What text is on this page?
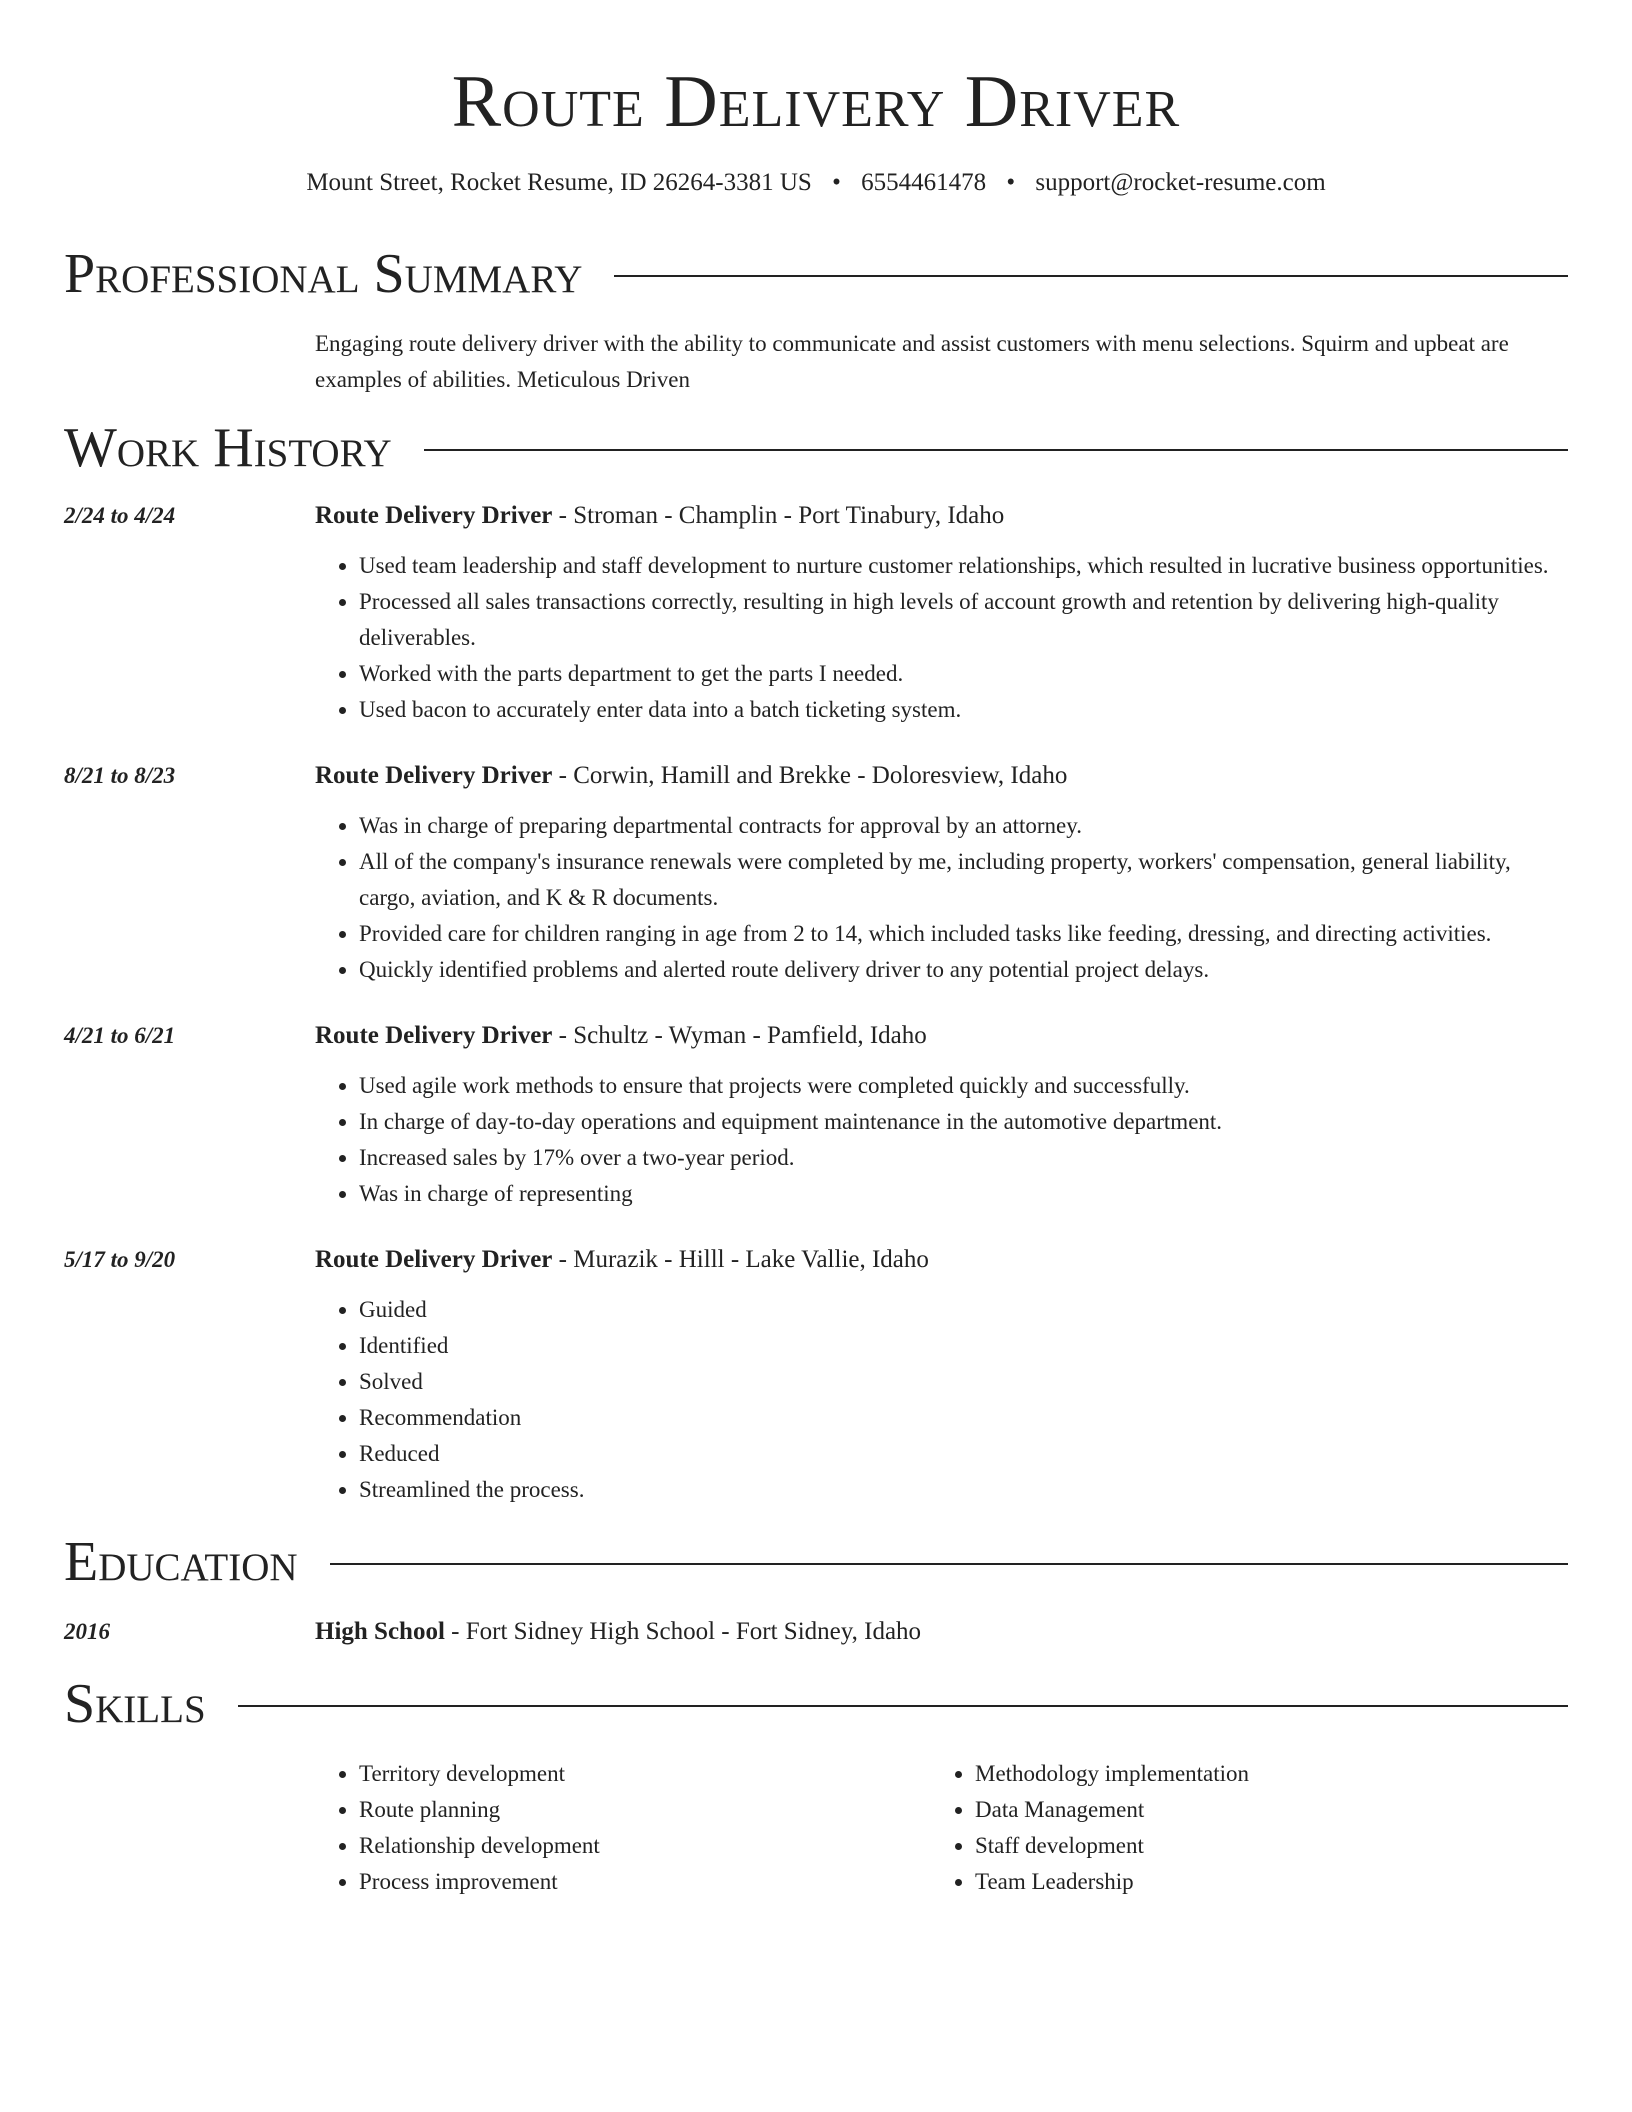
Route Delivery Driver
Mount Street, Rocket Resume, ID 26264-3381 US • 6554461478 • support@rocket-resume.com
Professional Summary
Engaging route delivery driver with the ability to communicate and assist customers with menu selections. Squirm and upbeat are examples of abilities. Meticulous Driven
Work History
2/24 to 4/24	Route Delivery Driver - Stroman - Champlin - Port Tinabury, Idaho
• Used team leadership and staff development to nurture customer relationships, which resulted in lucrative business opportunities.
• Processed all sales transactions correctly, resulting in high levels of account growth and retention by delivering high-quality deliverables.
• Worked with the parts department to get the parts I needed.
• Used bacon to accurately enter data into a batch ticketing system.
8/21 to 8/23	Route Delivery Driver - Corwin, Hamill and Brekke - Doloresview, Idaho
• Was in charge of preparing departmental contracts for approval by an attorney.
• All of the company's insurance renewals were completed by me, including property, workers' compensation, general liability, cargo, aviation, and K & R documents.
• Provided care for children ranging in age from 2 to 14, which included tasks like feeding, dressing, and directing activities.
• Quickly identified problems and alerted route delivery driver to any potential project delays.
4/21 to 6/21	Route Delivery Driver - Schultz - Wyman - Pamfield, Idaho
• Used agile work methods to ensure that projects were completed quickly and successfully.
• In charge of day-to-day operations and equipment maintenance in the automotive department.
• Increased sales by 17% over a two-year period.
• Was in charge of representing
5/17 to 9/20	Route Delivery Driver - Murazik - Hilll - Lake Vallie, Idaho
• Guided
• Identified
• Solved
• Recommendation
• Reduced
• Streamlined the process.
Education
2016	High School - Fort Sidney High School - Fort Sidney, Idaho
Skills
• Territory development
• Route planning
• Relationship development
• Process improvement
• Methodology implementation
• Data Management
• Staff development
• Team Leadership
